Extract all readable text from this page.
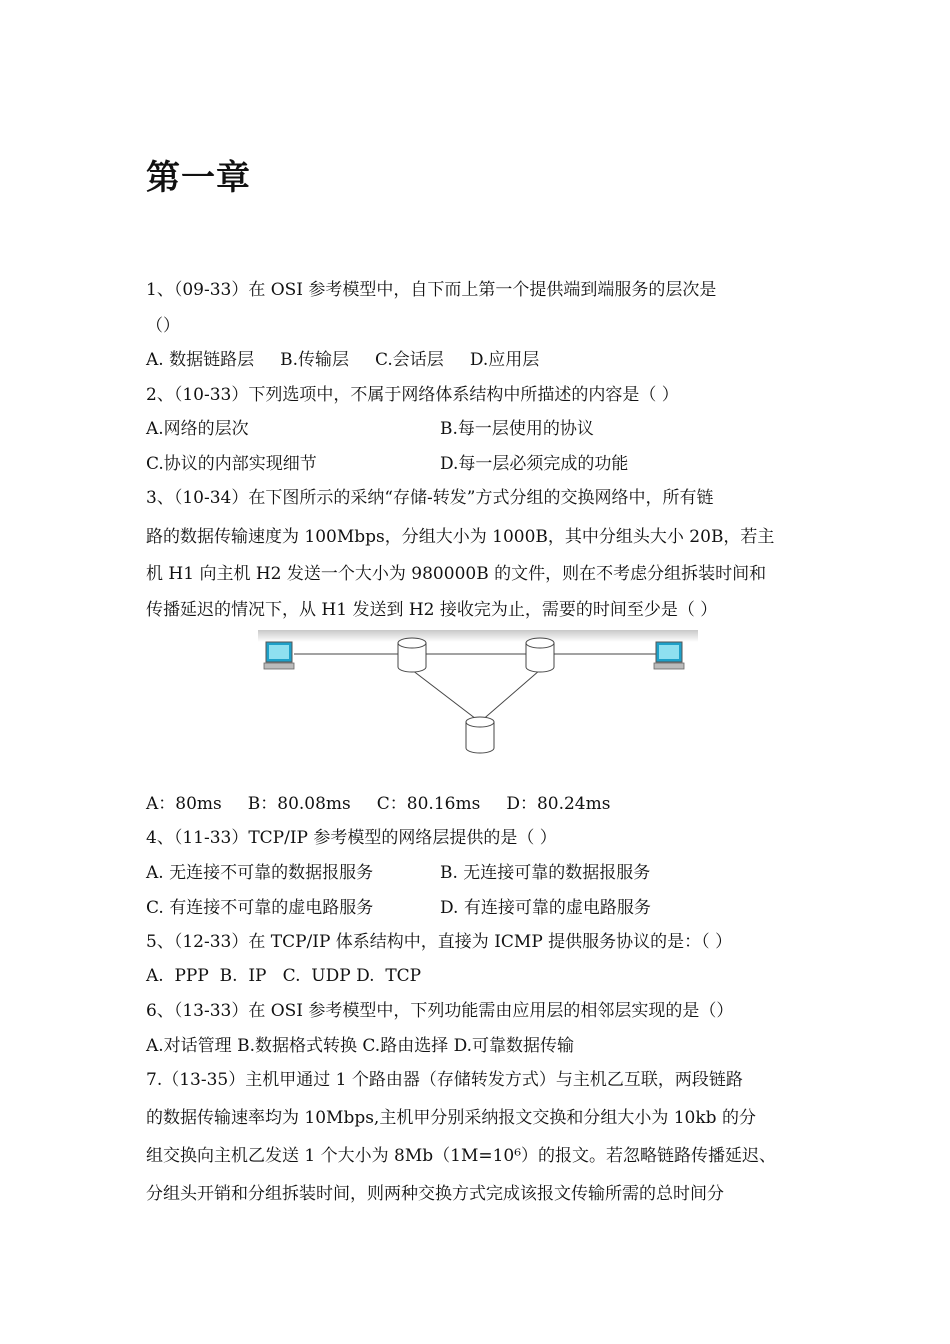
第一章
1、（09-33）在 OSI 参考模型中，自下而上第一个提供端到端服务的层次是
（）
A. 数据链路层 B.传输层 C.会话层 D.应用层
2、（10-33）下列选项中，不属于网络体系结构中所描述的内容是（ ）
A.网络的层次	B.每一层使用的协议
C.协议的内部实现细节	D.每一层必须完成的功能
3、（10-34）在下图所示的采纳“存储-转发”方式分组的交换网络中，所有链
路的数据传输速度为 100Mbps，分组大小为 1000B，其中分组头大小 20B，若主
机 H1 向主机 H2 发送一个大小为 980000B 的文件，则在不考虑分组拆装时间和
传播延迟的情况下，从 H1 发送到 H2 接收完为止，需要的时间至少是（ ）
A：80ms B：80.08ms C：80.16ms D：80.24ms
4、（11-33）TCP/IP 参考模型的网络层提供的是（ ）
A. 无连接不可靠的数据报服务	B. 无连接可靠的数据报服务
C. 有连接不可靠的虚电路服务	D. 有连接可靠的虚电路服务
5、（12-33）在 TCP/IP 体系结构中，直接为 ICMP 提供服务协议的是：（ ）
A.  PPP  B.  IP   C.  UDP D.  TCP
6、（13-33）在 OSI 参考模型中，下列功能需由应用层的相邻层实现的是（）
A.对话管理 B.数据格式转换 C.路由选择 D.可靠数据传输
7.（13-35）主机甲通过 1 个路由器（存储转发方式）与主机乙互联，两段链路
的数据传输速率均为 10Mbps,主机甲分别采纳报文交换和分组大小为 10kb 的分
组交换向主机乙发送 1 个大小为 8Mb（1M=10⁶）的报文。若忽略链路传播延迟、
分组头开销和分组拆装时间，则两种交换方式完成该报文传输所需的总时间分
